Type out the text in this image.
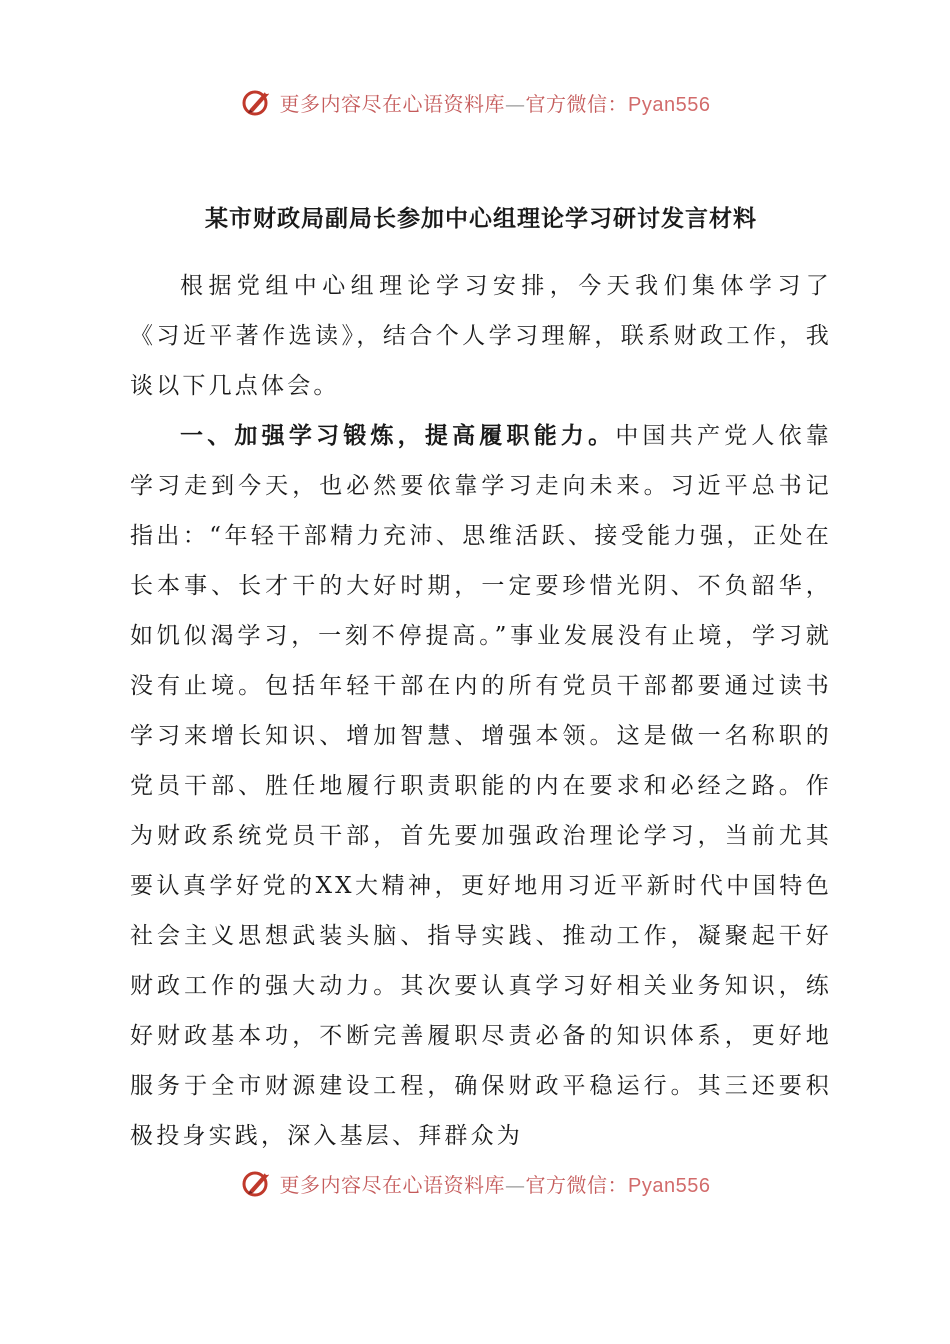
更多内容尽在心语资料库—官方微信：Pyan556
某市财政局副局长参加中心组理论学习研讨发言材料

根据党组中心组理论学习安排，今天我们集体学习了《习近平著作选读》，结合个人学习理解，联系财政工作，我谈以下几点体会。

一、加强学习锻炼，提高履职能力。中国共产党人依靠学习走到今天，也必然要依靠学习走向未来。习近平总书记指出：“年轻干部精力充沛、思维活跃、接受能力强，正处在长本事、长才干的大好时期，一定要珍惜光阴、不负韶华，如饥似渴学习，一刻不停提高。”事业发展没有止境，学习就没有止境。包括年轻干部在内的所有党员干部都要通过读书学习来增长知识、增加智慧、增强本领。这是做一名称职的党员干部、胜任地履行职责职能的内在要求和必经之路。作为财政系统党员干部，首先要加强政治理论学习，当前尤其要认真学好党的XX大精神，更好地用习近平新时代中国特色社会主义思想武装头脑、指导实践、推动工作，凝聚起干好财政工作的强大动力。其次要认真学习好相关业务知识，练好财政基本功，不断完善履职尽责必备的知识体系，更好地服务于全市财源建设工程，确保财政平稳运行。其三还要积极投身实践，深入基层、拜群众为

更多内容尽在心语资料库—官方微信：Pyan556
